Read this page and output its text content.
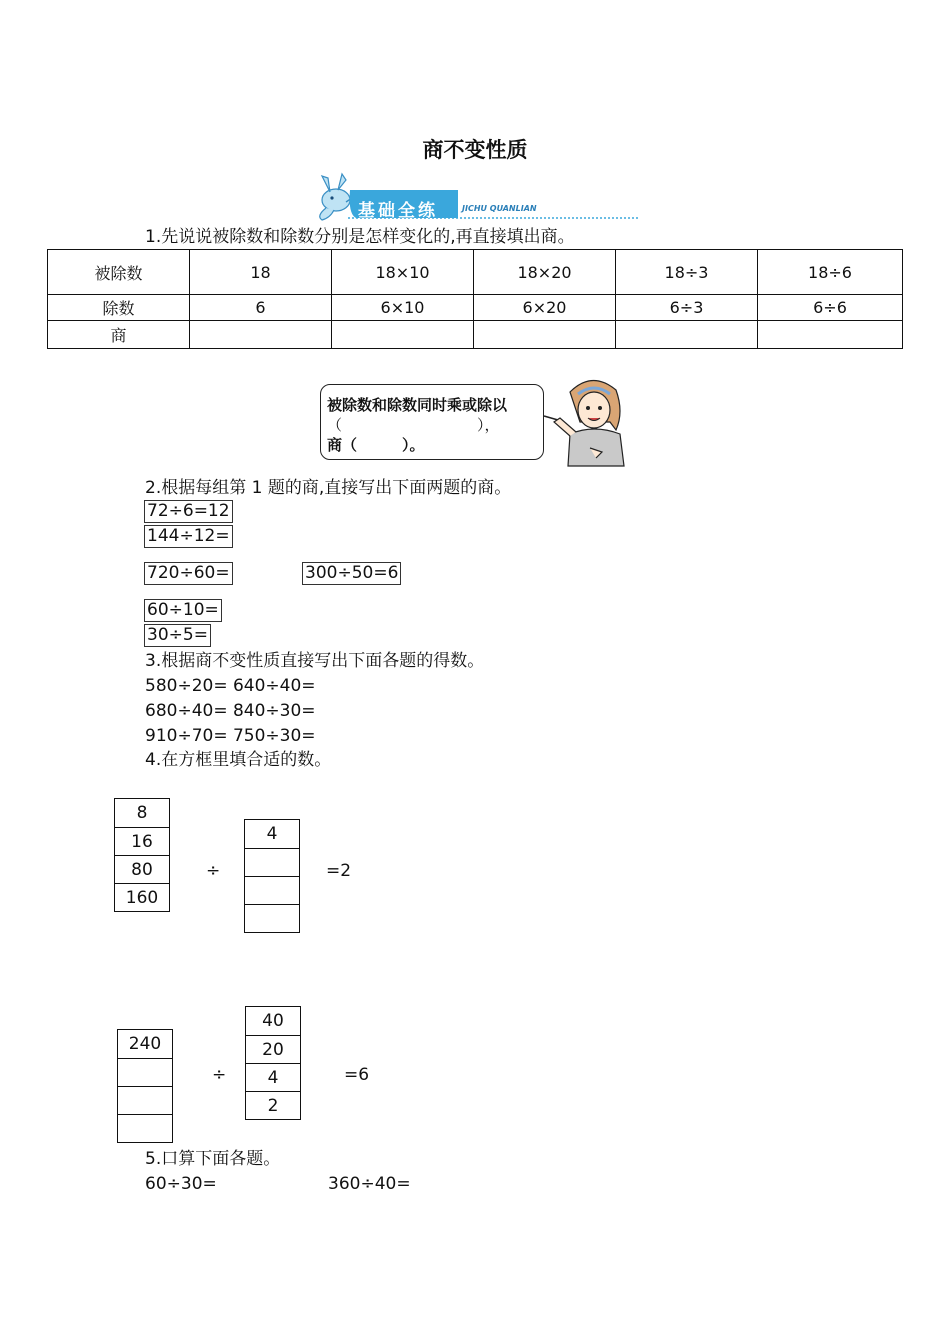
商不变性质
基础全练	JICHU QUANLIAN
1.先说说被除数和除数分别是怎样变化的,再直接填出商。
被除数	18	18×10	18×20	18÷3	18÷6
除数	6	6×10	6×20	6÷3	6÷6
商					

被除数和除数同时乘或除以

（　　　　　　　　　），

商（　　　）。

2.根据每组第 1 题的商,直接写出下面两题的商。
72÷6=12
144÷12=
720÷60=	300÷50=6
60÷10=
30÷5=
3.根据商不变性质直接写出下面各题的得数。
580÷20= 640÷40=
680÷40= 840÷30=
910÷70= 750÷30=
4.在方框里填合适的数。
8
16
80
160
÷
4
=2
240
÷
40
20
4
2
=6
5.口算下面各题。
60÷30=	360÷40=
